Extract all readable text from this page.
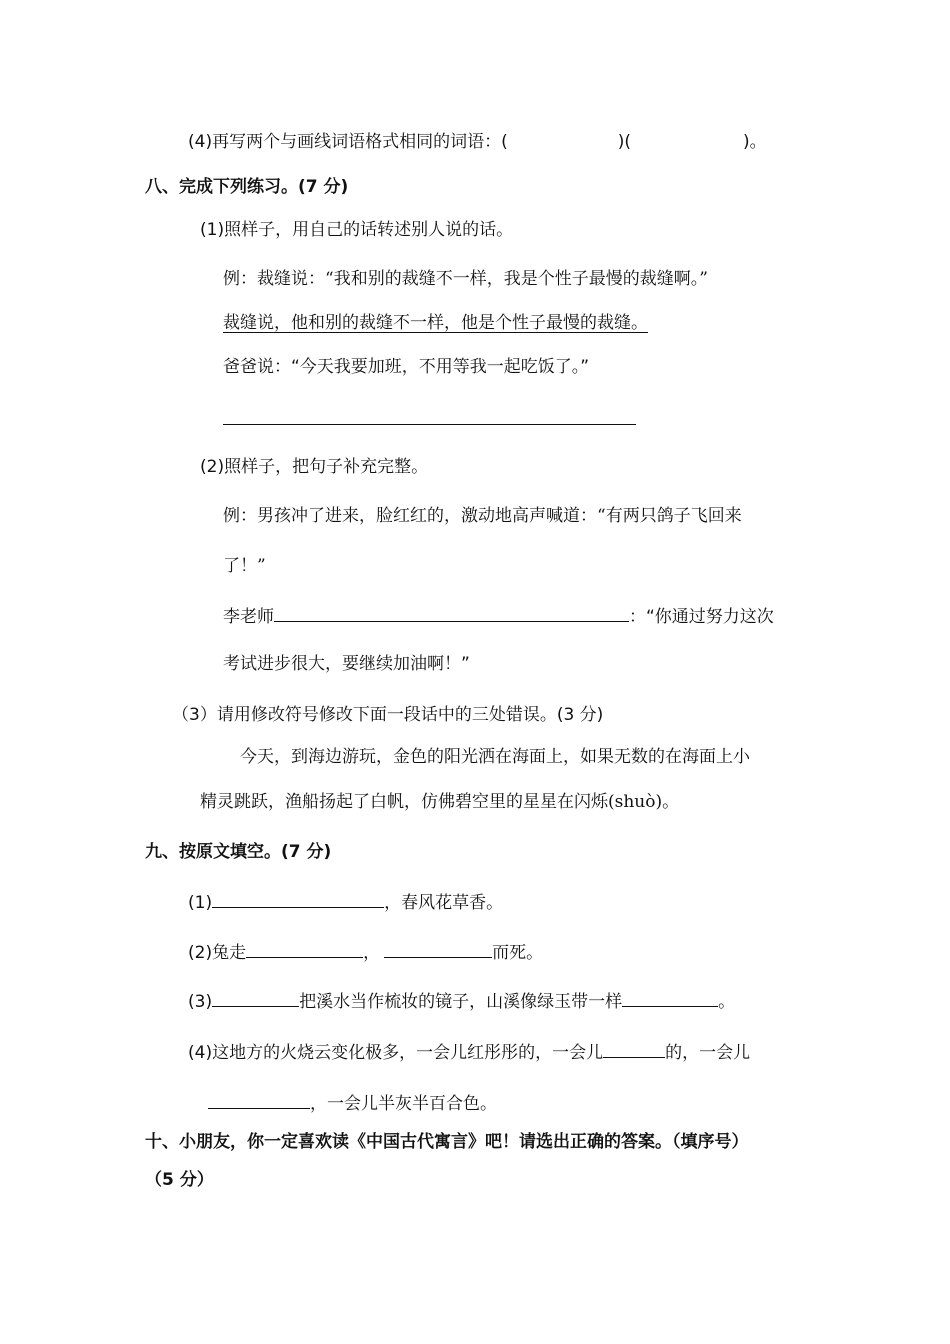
(4)再写两个与画线词语格式相同的词语：(	)(	)。
八、完成下列练习。(7 分)
(1)照样子，用自己的话转述别人说的话。
例：裁缝说：“我和别的裁缝不一样，我是个性子最慢的裁缝啊。”
裁缝说，他和别的裁缝不一样，他是个性子最慢的裁缝。
爸爸说：“今天我要加班，不用等我一起吃饭了。”
(2)照样子，把句子补充完整。
例：男孩冲了进来，脸红红的，激动地高声喊道：“有两只鸽子飞回来
了！”
李老师	：“你通过努力这次
考试进步很大，要继续加油啊！”
（3）请用修改符号修改下面一段话中的三处错误。(3 分)
今天，到海边游玩，金色的阳光洒在海面上，如果无数的在海面上小
精灵跳跃，渔船扬起了白帆，仿佛碧空里的星星在闪烁(shuò)。
九、按原文填空。(7 分)
(1)	，春风花草香。
(2)兔走	，	而死。
(3)	把溪水当作梳妆的镜子，山溪像绿玉带一样	。
(4)这地方的火烧云变化极多，一会儿红彤彤的，一会儿	的，一会儿
，一会儿半灰半百合色。
十、小朋友，你一定喜欢读《中国古代寓言》吧！请选出正确的答案。（填序号）
（5 分）
